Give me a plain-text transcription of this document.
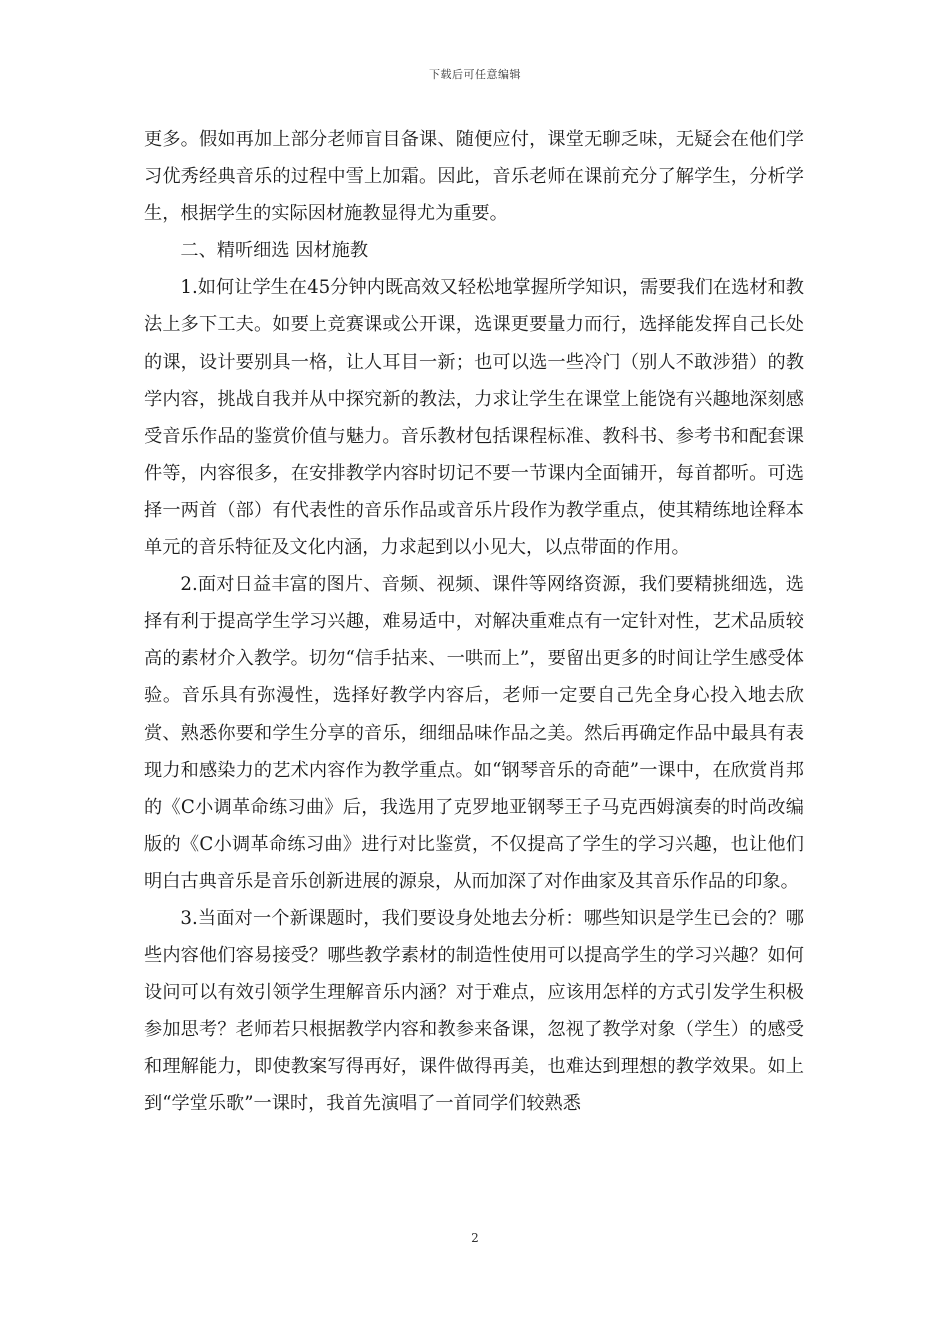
下载后可任意编辑

更多。假如再加上部分老师盲目备课、随便应付，课堂无聊乏味，无疑会在他们学习优秀经典音乐的过程中雪上加霜。因此，音乐老师在课前充分了解学生，分析学生，根据学生的实际因材施教显得尤为重要。

二、精听细选 因材施教

1.如何让学生在45分钟内既高效又轻松地掌握所学知识，需要我们在选材和教法上多下工夫。如要上竞赛课或公开课，选课更要量力而行，选择能发挥自己长处的课，设计要别具一格，让人耳目一新；也可以选一些冷门（别人不敢涉猎）的教学内容，挑战自我并从中探究新的教法，力求让学生在课堂上能饶有兴趣地深刻感受音乐作品的鉴赏价值与魅力。音乐教材包括课程标准、教科书、参考书和配套课件等，内容很多，在安排教学内容时切记不要一节课内全面铺开，每首都听。可选择一两首（部）有代表性的音乐作品或音乐片段作为教学重点，使其精练地诠释本单元的音乐特征及文化内涵，力求起到以小见大，以点带面的作用。

2.面对日益丰富的图片、音频、视频、课件等网络资源，我们要精挑细选，选择有利于提高学生学习兴趣，难易适中，对解决重难点有一定针对性，艺术品质较高的素材介入教学。切勿“信手拈来、一哄而上”，要留出更多的时间让学生感受体验。音乐具有弥漫性，选择好教学内容后，老师一定要自己先全身心投入地去欣赏、熟悉你要和学生分享的音乐，细细品味作品之美。然后再确定作品中最具有表现力和感染力的艺术内容作为教学重点。如“钢琴音乐的奇葩”一课中，在欣赏肖邦的《C小调革命练习曲》后，我选用了克罗地亚钢琴王子马克西姆演奏的时尚改编版的《C小调革命练习曲》进行对比鉴赏，不仅提高了学生的学习兴趣，也让他们明白古典音乐是音乐创新进展的源泉，从而加深了对作曲家及其音乐作品的印象。

3.当面对一个新课题时，我们要设身处地去分析：哪些知识是学生已会的？哪些内容他们容易接受？哪些教学素材的制造性使用可以提高学生的学习兴趣？如何设问可以有效引领学生理解音乐内涵？对于难点，应该用怎样的方式引发学生积极参加思考？老师若只根据教学内容和教参来备课，忽视了教学对象（学生）的感受和理解能力，即使教案写得再好，课件做得再美，也难达到理想的教学效果。如上到“学堂乐歌”一课时，我首先演唱了一首同学们较熟悉

2
